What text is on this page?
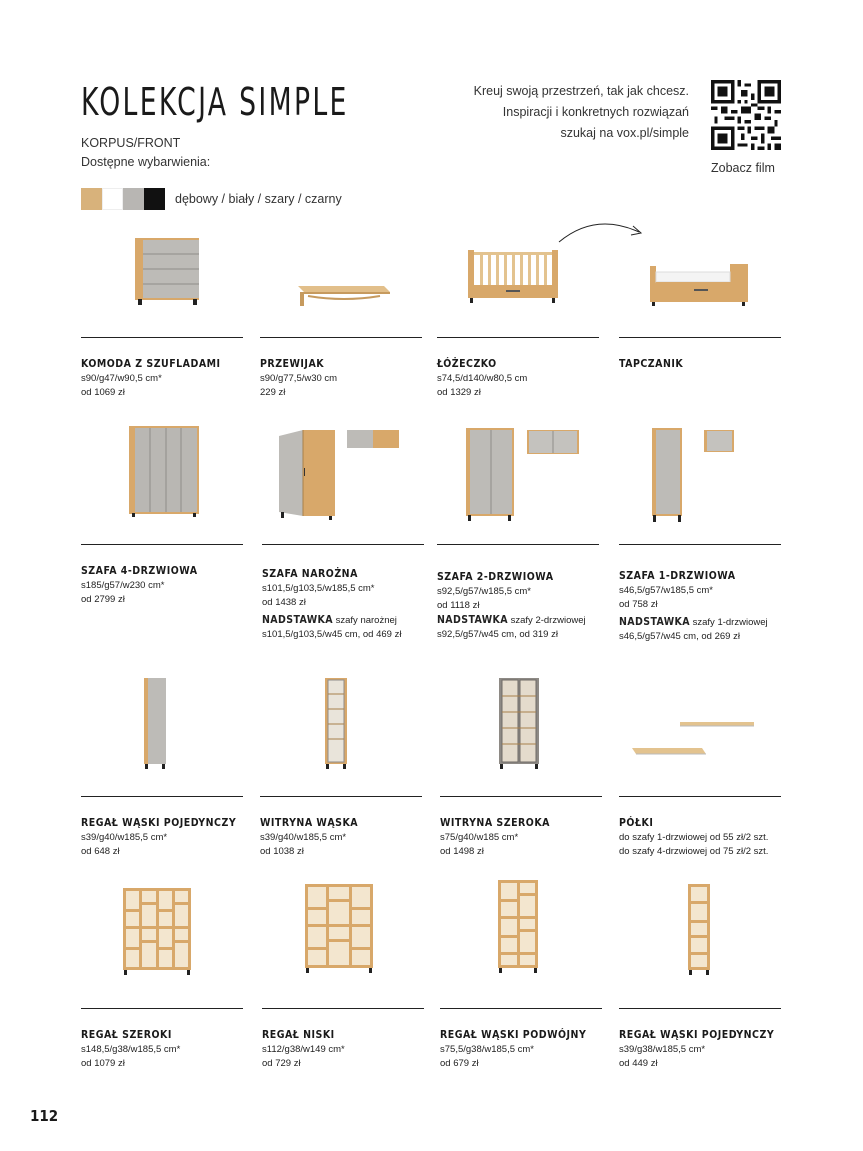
KOLEKCJA SIMPLE
KORPUS/FRONT
Dostępne wybarwienia:
dębowy / biały / szary / czarny
Kreuj swoją przestrzeń, tak jak chcesz.
Inspiracji i konkretnych rozwiązań
szukaj na vox.pl/simple
Zobacz film
KOMODA Z SZUFLADAMI
s90/g47/w90,5 cm*
od 1069 zł
PRZEWIJAK
s90/g77,5/w30 cm
229 zł
ŁÓŻECZKO
s74,5/d140/w80,5 cm
od 1329 zł
TAPCZANIK
SZAFA 4-DRZWIOWA
s185/g57/w230 cm*
od 2799 zł
SZAFA NAROŻNA
s101,5/g103,5/w185,5 cm*
od 1438 zł
NADSTAWKA szafy narożnej
s101,5/g103,5/w45 cm, od 469 zł
SZAFA 2-DRZWIOWA
s92,5/g57/w185,5 cm*
od 1118 zł
NADSTAWKA szafy 2-drzwiowej
s92,5/g57/w45 cm, od 319 zł
SZAFA 1-DRZWIOWA
s46,5/g57/w185,5 cm*
od 758 zł
NADSTAWKA szafy 1-drzwiowej
s46,5/g57/w45 cm, od 269 zł
REGAŁ WĄSKI POJEDYNCZY
s39/g40/w185,5 cm*
od 648 zł
WITRYNA WĄSKA
s39/g40/w185,5 cm*
od 1038 zł
WITRYNA SZEROKA
s75/g40/w185 cm*
od 1498 zł
PÓŁKI
do szafy 1-drzwiowej od 55 zł/2 szt.
do szafy 4-drzwiowej od 75 zł/2 szt.
REGAŁ SZEROKI
s148,5/g38/w185,5 cm*
od 1079 zł
REGAŁ NISKI
s112/g38/w149 cm*
od 729 zł
REGAŁ WĄSKI PODWÓJNY
s75,5/g38/w185,5 cm*
od 679 zł
REGAŁ WĄSKI POJEDYNCZY
s39/g38/w185,5 cm*
od 449 zł
112
